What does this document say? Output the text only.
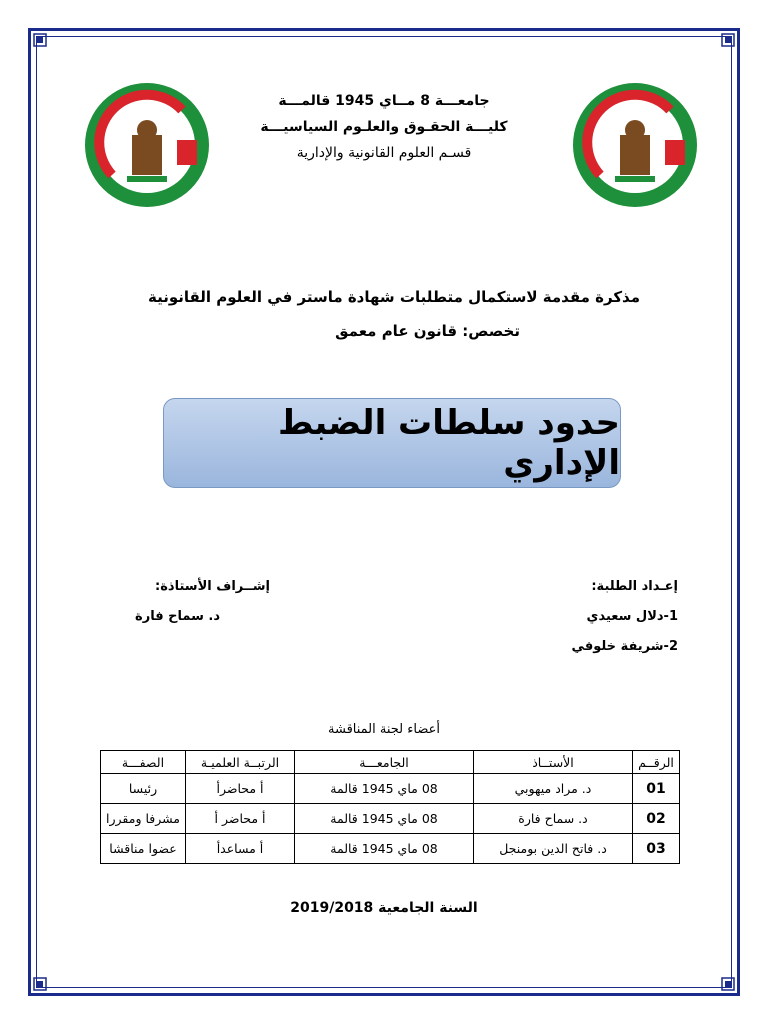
جامعـــة 8 مــاي 1945 قالمـــة
كليـــة الحقـوق والعلـوم السياسيـــة
قسـم العلوم القانونية والإدارية
مذكرة مقدمة لاستكمال متطلبات شهادة ماستر في العلوم القانونية
تخصص: قانون عام معمق
حدود سلطات الضبط الإداري
إعـداد الطلبة:
1-دلال سعيدي
2-شريفة خلوفي
إشــراف الأستاذة:
د. سماح فارة
أعضاء لجنة المناقشة
الرقــم	الأستــاذ	الجامعـــة	الرتبــة العلميـة	الصفـــة
01	د. مراد ميهوبي	08 ماي 1945 قالمة	أ محاضرأ	رئيسا
02	د. سماح فارة	08 ماي 1945 قالمة	أ محاضر أ	مشرفا ومقررا
03	د. فاتح الدين بومنجل	08 ماي 1945 قالمة	أ مساعدأ	عضوا مناقشا
السنة الجامعية 2019/2018
